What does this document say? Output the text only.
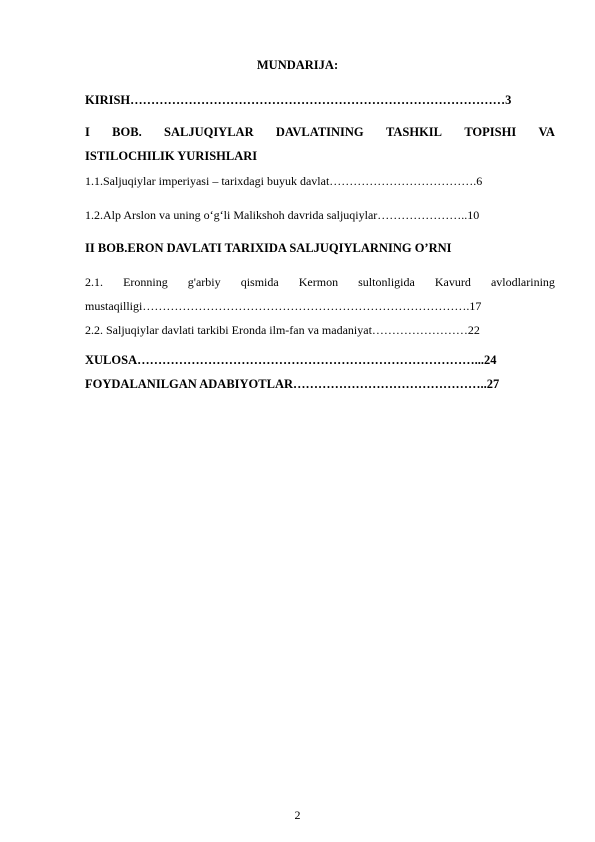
MUNDARIJA:
KIRISH………………………………………………………………………………3
I BOB. SALJUQIYLAR DAVLATINING TASHKIL TOPISHI VA
ISTILOCHILIK YURISHLARI
1.1.Saljuqiylar imperiyasi – tarixdagi buyuk davlat……………………………….6
1.2.Alp Arslon va uning o‘g‘li Malikshoh davrida saljuqiylar…………………..10
II BOB.ERON DAVLATI TARIXIDA SALJUQIYLARNING O’RNI
2.1. Eronning g'arbiy qismida Kermon sultonligida Kavurd avlodlarining
mustaqilligi……………………………………………………………………….17
2.2. Saljuqiylar davlati tarkibi Eronda ilm-fan va madaniyat……………………22
XULOSA………………………………………………………………………...24
FOYDALANILGAN ADABIYOTLAR………………………………………..27
2
